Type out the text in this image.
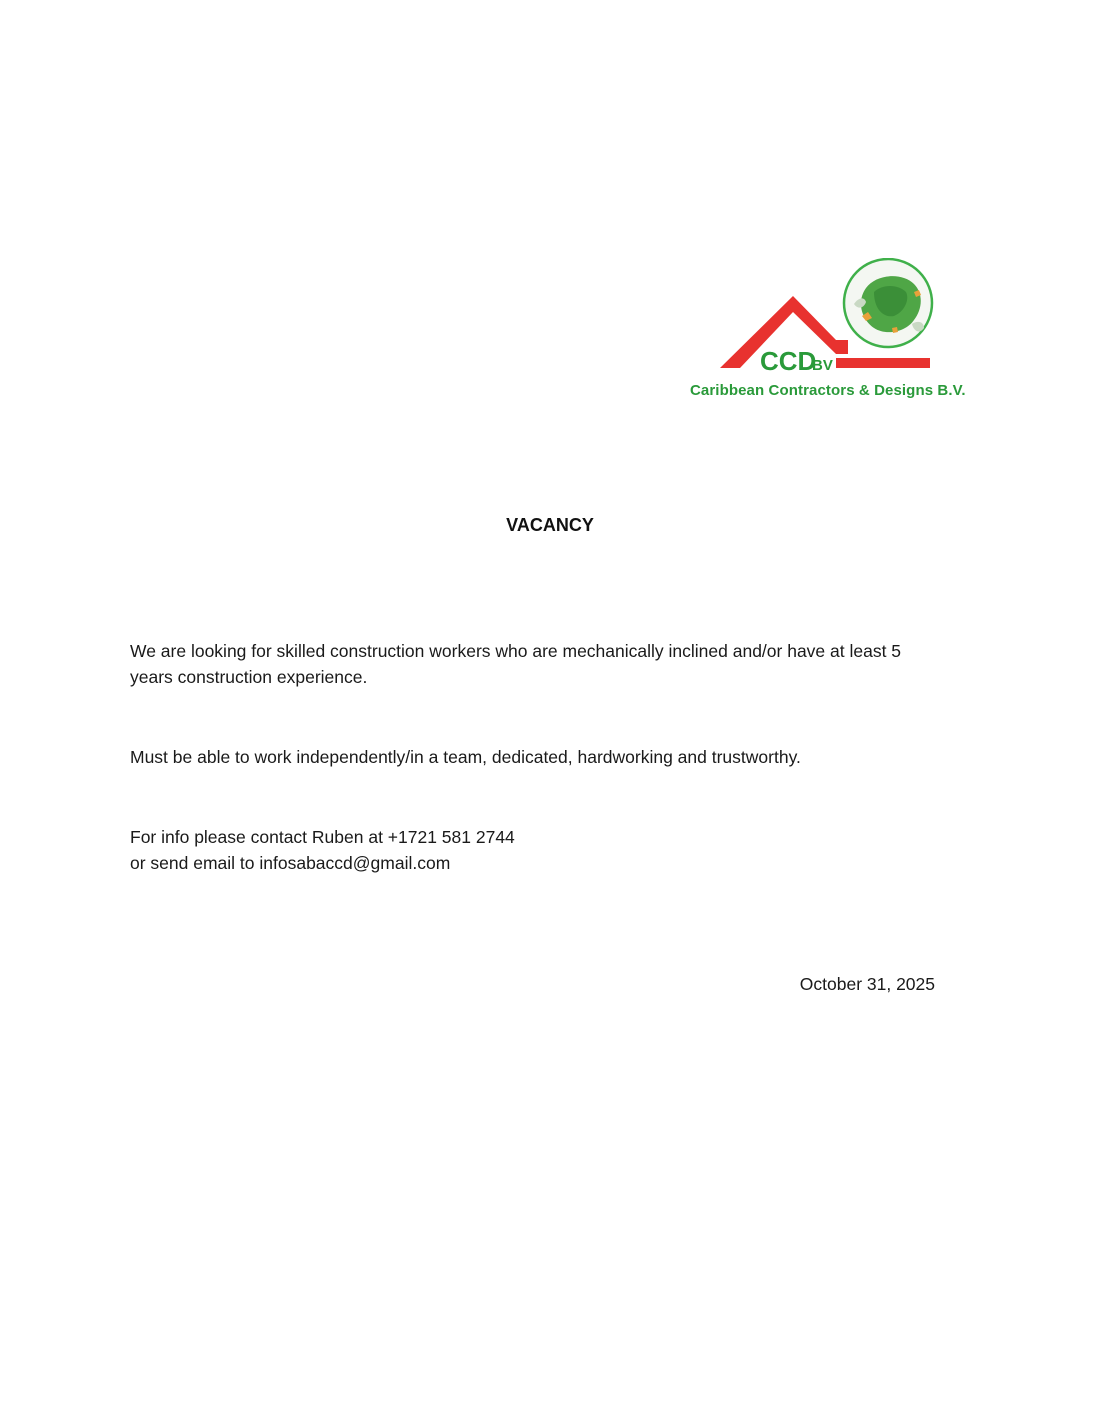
CCD
BV
Caribbean Contractors & Designs B.V.
VACANCY

We are looking for skilled construction workers who are mechanically inclined and/or have at least 5
years construction experience.

Must be able to work independently/in a team, dedicated, hardworking and trustworthy.

For info please contact Ruben at +1721 581 2744
or send email to infosabaccd@gmail.com

October 31, 2025
